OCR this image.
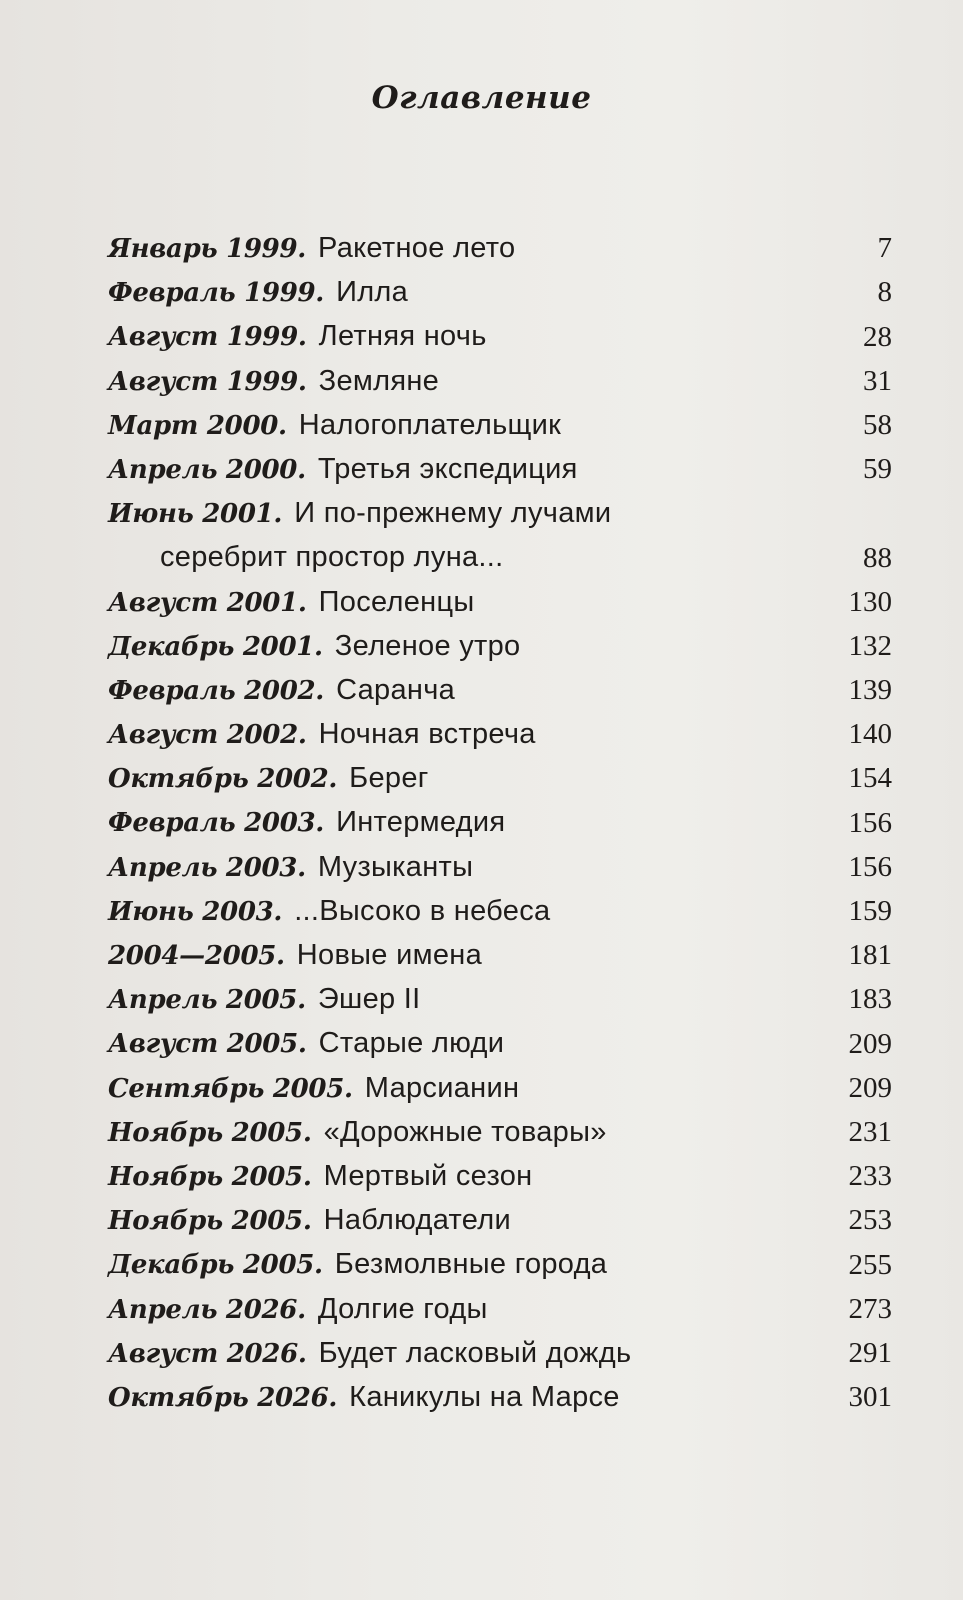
Оглавление
Январь 1999. Ракетное лето	7
Февраль 1999. Илла	8
Август 1999. Летняя ночь	28
Август 1999. Земляне	31
Март 2000. Налогоплательщик	58
Апрель 2000. Третья экспедиция	59
Июнь 2001. И по-прежнему лучами
серебрит простор луна...	88
Август 2001. Поселенцы	130
Декабрь 2001. Зеленое утро	132
Февраль 2002. Саранча	139
Август 2002. Ночная встреча	140
Октябрь 2002. Берег	154
Февраль 2003. Интермедия	156
Апрель 2003. Музыканты	156
Июнь 2003. ...Высоко в небеса	159
2004—2005. Новые имена	181
Апрель 2005. Эшер II	183
Август 2005. Старые люди	209
Сентябрь 2005. Марсианин	209
Ноябрь 2005. «Дорожные товары»	231
Ноябрь 2005. Мертвый сезон	233
Ноябрь 2005. Наблюдатели	253
Декабрь 2005. Безмолвные города	255
Апрель 2026. Долгие годы	273
Август 2026. Будет ласковый дождь	291
Октябрь 2026. Каникулы на Марсе	301
